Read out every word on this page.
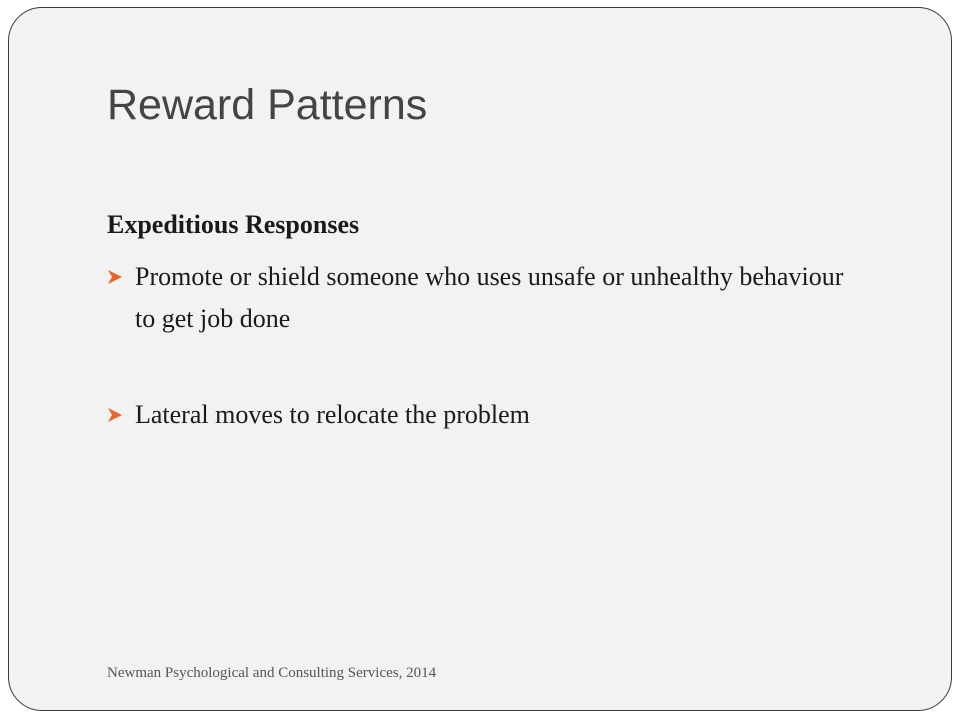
Reward Patterns
Expeditious Responses
Promote or shield someone who uses unsafe or unhealthy behaviour to get job done
Lateral moves to relocate the problem
Newman Psychological and Consulting Services, 2014
